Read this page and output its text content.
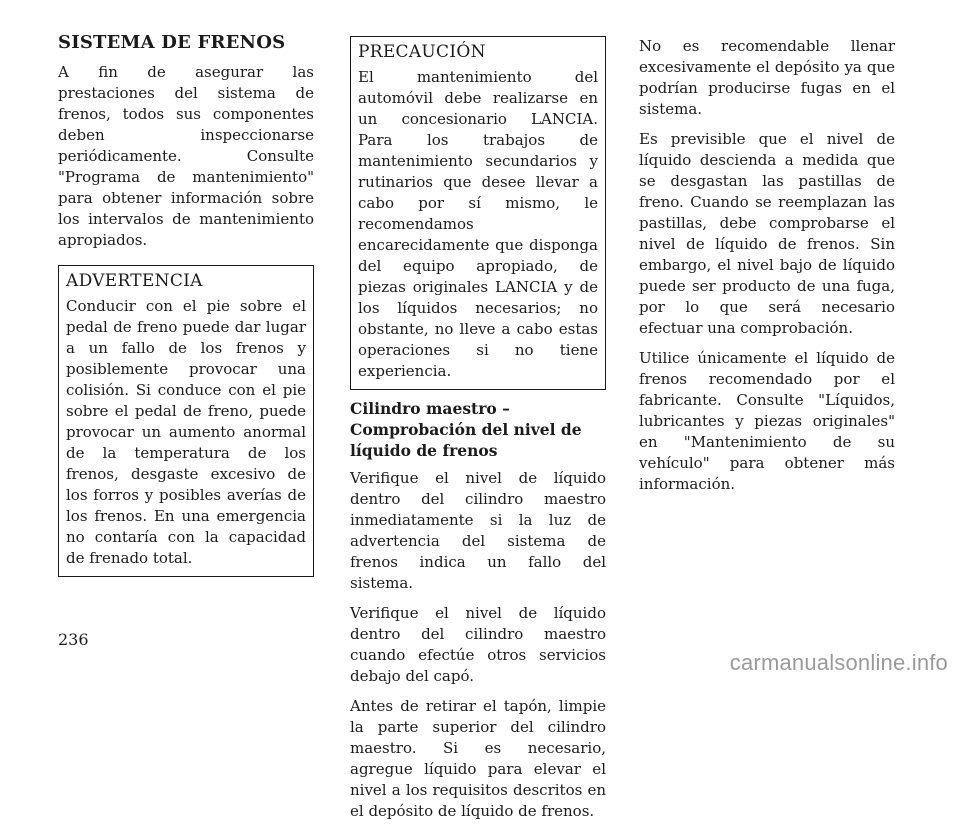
SISTEMA DE FRENOS

A fin de asegurar las prestaciones del sistema de frenos, todos sus componentes deben inspeccionarse periódicamente. Consulte "Programa de mantenimiento" para obtener información sobre los intervalos de mantenimiento apropiados.

ADVERTENCIA

Conducir con el pie sobre el pedal de freno puede dar lugar a un fallo de los frenos y posiblemente provocar una colisión. Si conduce con el pie sobre el pedal de freno, puede provocar un aumento anormal de la temperatura de los frenos, desgaste excesivo de los forros y posibles averías de los frenos. En una emergencia no contaría con la capacidad de frenado total.

PRECAUCIÓN

El mantenimiento del automóvil debe realizarse en un concesionario LANCIA. Para los trabajos de mantenimiento secundarios y rutinarios que desee llevar a cabo por sí mismo, le recomendamos encarecidamente que disponga del equipo apropiado, de piezas originales LANCIA y de los líquidos necesarios; no obstante, no lleve a cabo estas operaciones si no tiene experiencia.

Cilindro maestro – Comprobación del nivel de líquido de frenos

Verifique el nivel de líquido dentro del cilindro maestro inmediatamente si la luz de advertencia del sistema de frenos indica un fallo del sistema.

Verifique el nivel de líquido dentro del cilindro maestro cuando efectúe otros servicios debajo del capó.

Antes de retirar el tapón, limpie la parte superior del cilindro maestro. Si es necesario, agregue líquido para elevar el nivel a los requisitos descritos en el depósito de líquido de frenos.

No es recomendable llenar excesivamente el depósito ya que podrían producirse fugas en el sistema.

Es previsible que el nivel de líquido descienda a medida que se desgastan las pastillas de freno. Cuando se reemplazan las pastillas, debe comprobarse el nivel de líquido de frenos. Sin embargo, el nivel bajo de líquido puede ser producto de una fuga, por lo que será necesario efectuar una comprobación.

Utilice únicamente el líquido de frenos recomendado por el fabricante. Consulte "Líquidos, lubricantes y piezas originales" en "Mantenimiento de su vehículo" para obtener más información.

236
carmanualsonline.info
